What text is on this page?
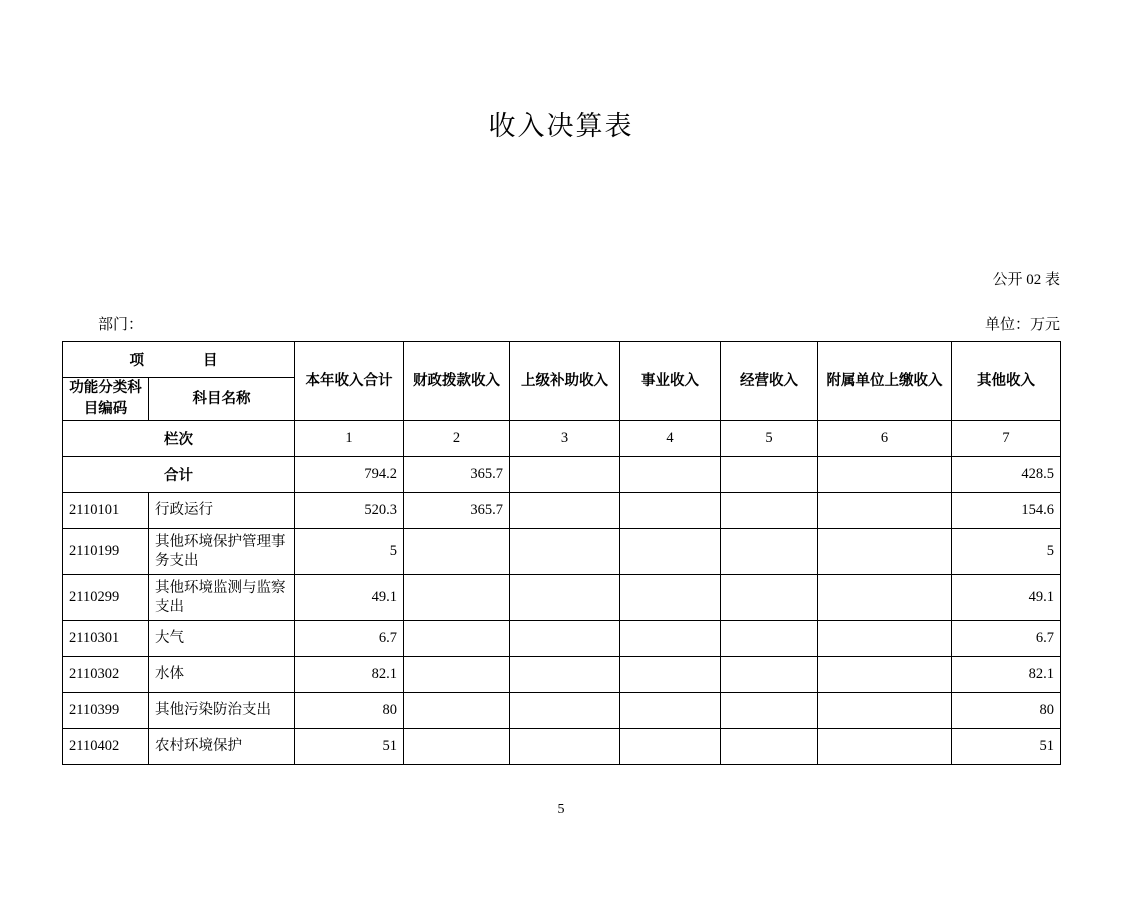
收入决算表
公开 02 表
部门：	单位：万元
项　　目		本年收入合计	财政拨款收入	上级补助收入	事业收入	经营收入	附属单位上缴收入	其他收入

功能分类科
目编码	科目名称							
栏次		1	2	3	4	5	6	7
合计		794.2	365.7					428.5
2110101	行政运行	520.3	365.7					154.6
2110199	其他环境保护管理事务支出	5						5
2110299	其他环境监测与监察支出	49.1						49.1
2110301	大气	6.7						6.7
2110302	水体	82.1						82.1
2110399	其他污染防治支出	80						80
2110402	农村环境保护	51						51
5
